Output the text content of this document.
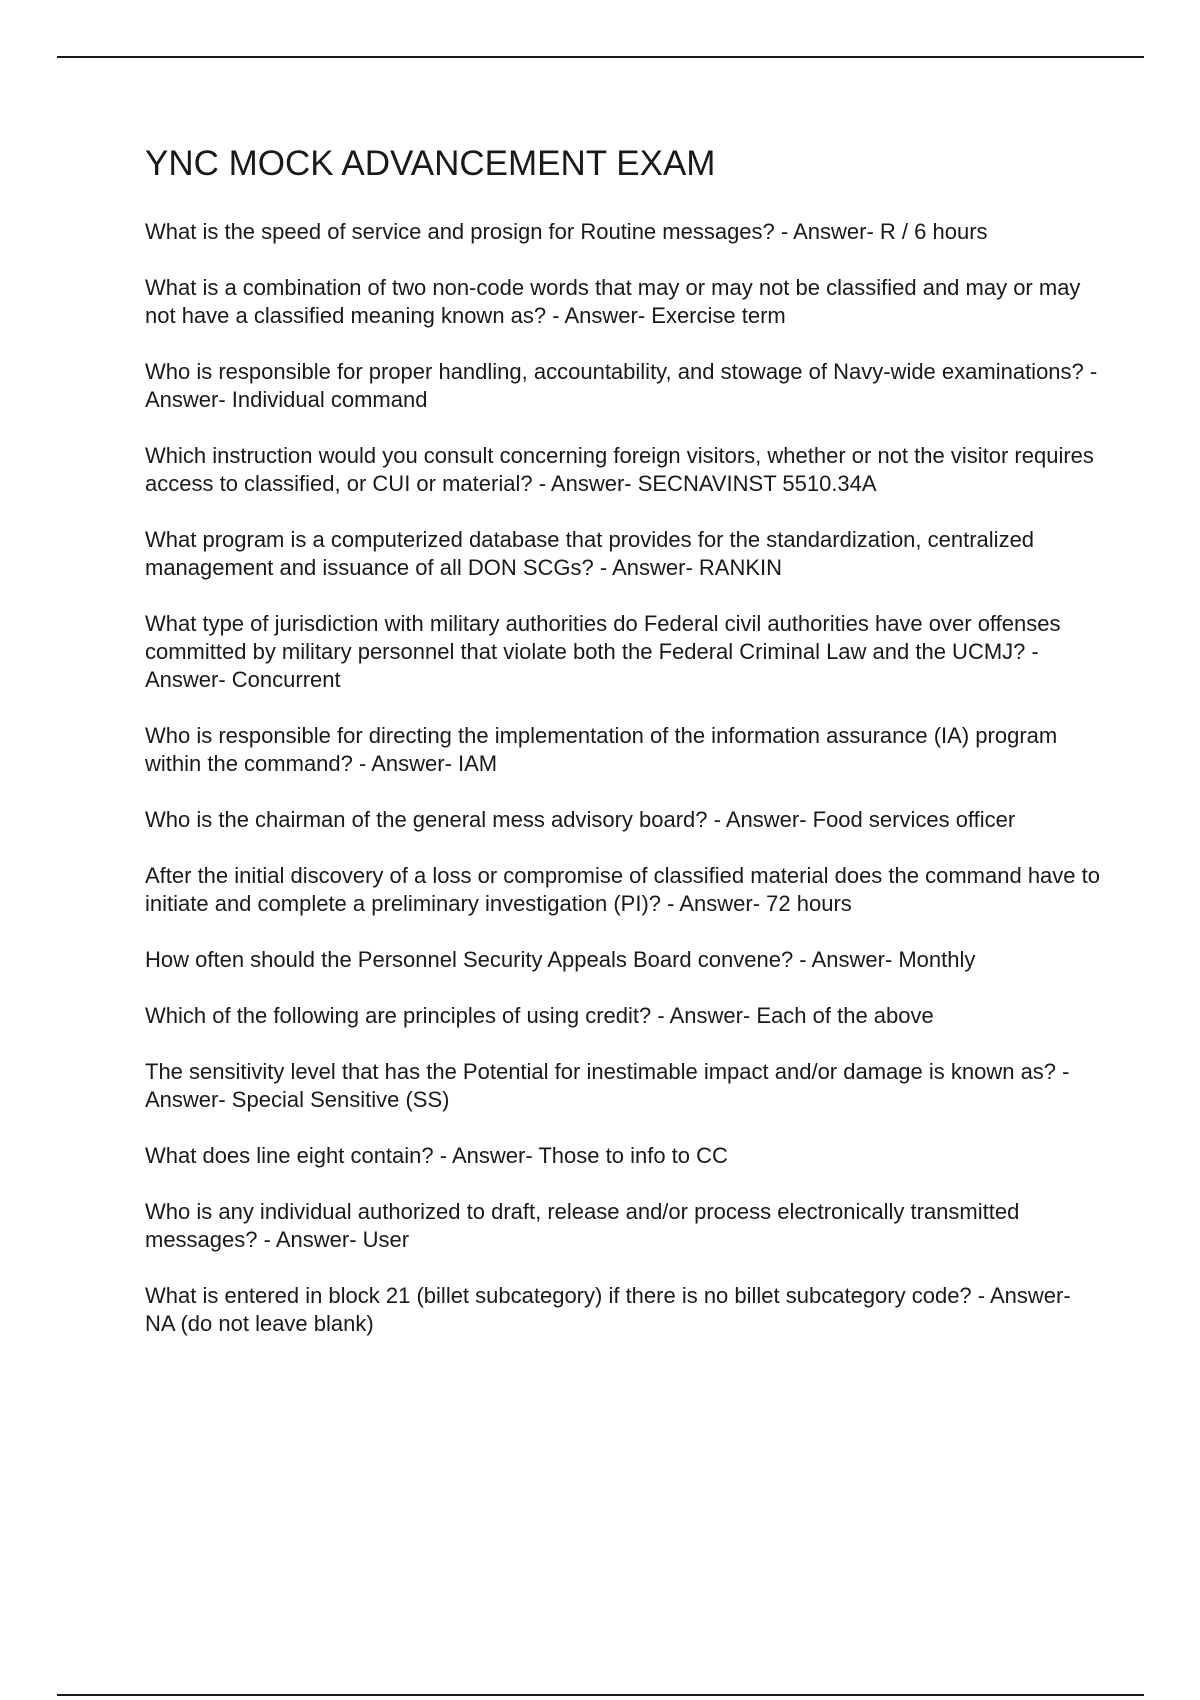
YNC MOCK ADVANCEMENT EXAM
What is the speed of service and prosign for Routine messages? - Answer- R / 6 hours
What is a combination of two non-code words that may or may not be classified and may or may not have a classified meaning known as? - Answer- Exercise term
Who is responsible for proper handling, accountability, and stowage of Navy-wide examinations? - Answer- Individual command
Which instruction would you consult concerning foreign visitors, whether or not the visitor requires access to classified, or CUI or material? - Answer- SECNAVINST 5510.34A
What program is a computerized database that provides for the standardization, centralized management and issuance of all DON SCGs? - Answer- RANKIN
What type of jurisdiction with military authorities do Federal civil authorities have over offenses committed by military personnel that violate both the Federal Criminal Law and the UCMJ? - Answer- Concurrent
Who is responsible for directing the implementation of the information assurance (IA) program within the command? - Answer- IAM
Who is the chairman of the general mess advisory board? - Answer- Food services officer
After the initial discovery of a loss or compromise of classified material does the command have to initiate and complete a preliminary investigation (PI)? - Answer- 72 hours
How often should the Personnel Security Appeals Board convene? - Answer- Monthly
Which of the following are principles of using credit? - Answer- Each of the above
The sensitivity level that has the Potential for inestimable impact and/or damage is known as? - Answer- Special Sensitive (SS)
What does line eight contain? - Answer- Those to info to CC
Who is any individual authorized to draft, release and/or process electronically transmitted messages? - Answer- User
What is entered in block 21 (billet subcategory) if there is no billet subcategory code? - Answer- NA (do not leave blank)
